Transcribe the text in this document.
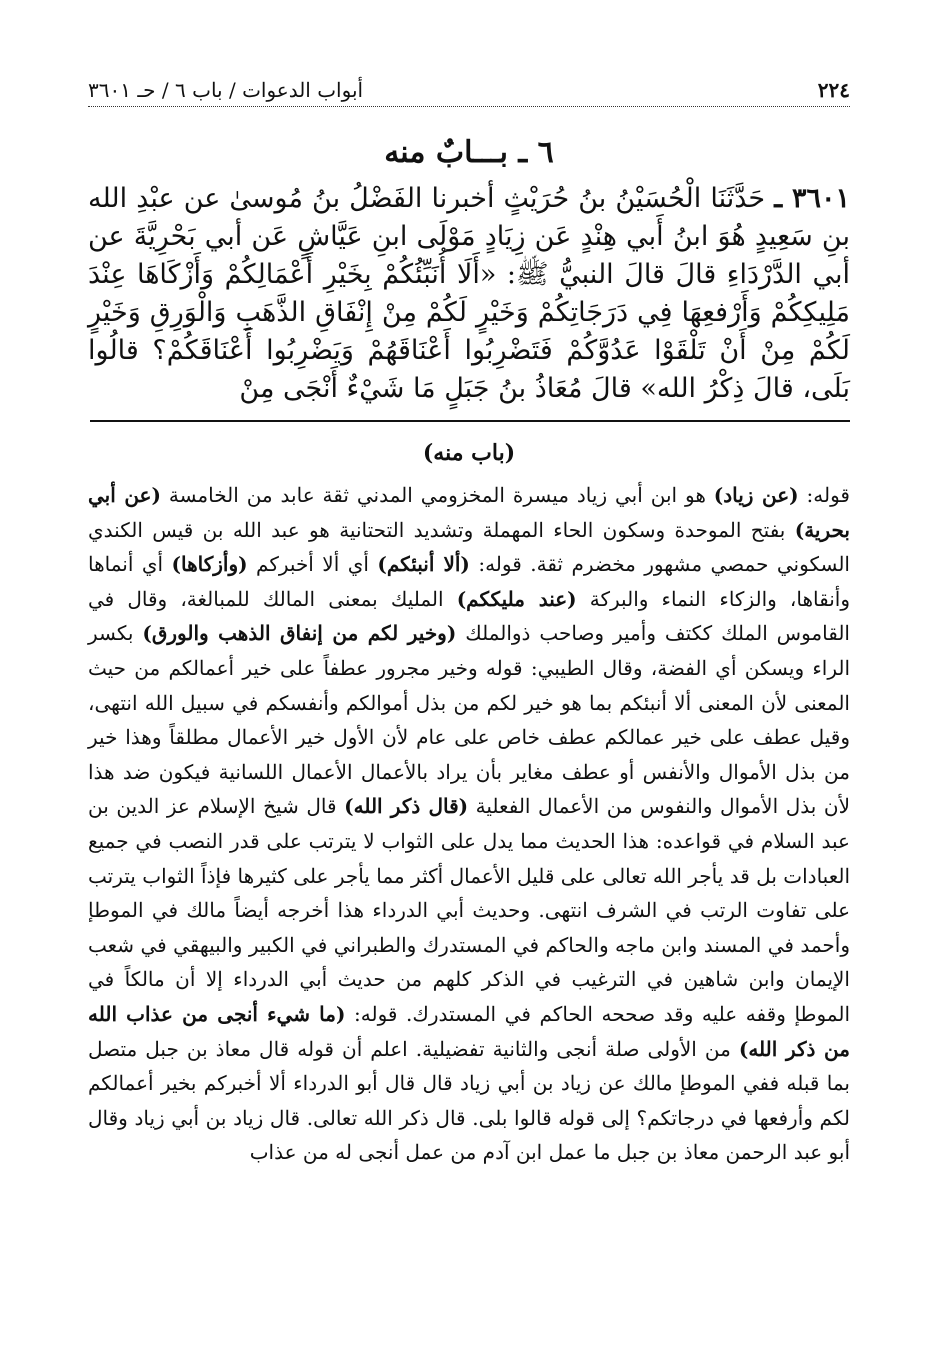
٢٢٤
أبواب الدعوات / باب ٦ / حـ ٣٦٠١
٦ ـ بـــابٌ منه
٣٦٠١ ـ حَدَّثَنَا الْحُسَيْنُ بنُ حُرَيْثٍ أخبرنا الفَضْلُ بنُ مُوسىٰ عن عبْدِ الله بنِ سَعِيدٍ هُوَ ابنُ أَبي هِنْدٍ عَن زِيَادٍ مَوْلَى ابنِ عَيَّاشٍ عَن أبي بَحْرِيَّةَ عن أبي الدَّرْدَاءِ قالَ قالَ النبيُّ ﷺ: «أَلَا أُنَبِّئُكُمْ بِخَيْرِ أَعْمَالِكُمْ وَأَزْكَاهَا عِنْدَ مَلِيكِكُمْ وَأَرْفعِهَا فِي دَرَجَاتِكُمْ وَخَيْرٍ لَكُمْ مِنْ إِنْفَاقِ الذَّهَبِ وَالْوَرِقِ وَخَيْرٍ لَكُمْ مِنْ أَنْ تَلْقَوْا عَدُوَّكُمْ فَتَضْرِبُوا أَعْنَاقَهُمْ وَيَضْرِبُوا أَعْنَاقَكُمْ؟ قالُوا بَلَى، قالَ ذِكْرُ الله» قالَ مُعَاذُ بنُ جَبَلٍ مَا شَيْءٌ أَنْجَى مِنْ
(باب منه)

قوله: (عن زياد) هو ابن أبي زياد ميسرة المخزومي المدني ثقة عابد من الخامسة (عن أبي بحرية) بفتح الموحدة وسكون الحاء المهملة وتشديد التحتانية هو عبد الله بن قيس الكندي السكوني حمصي مشهور مخضرم ثقة. قوله: (ألا أنبئكم) أي ألا أخبركم (وأزكاها) أي أنماها وأنقاها، والزكاء النماء والبركة (عند مليككم) المليك بمعنى المالك للمبالغة، وقال في القاموس الملك ككتف وأمير وصاحب ذوالملك (وخير لكم من إنفاق الذهب والورق) بكسر الراء ويسكن أي الفضة، وقال الطيبي: قوله وخير مجرور عطفاً على خير أعمالكم من حيث المعنى لأن المعنى ألا أنبئكم بما هو خير لكم من بذل أموالكم وأنفسكم في سبيل الله انتهى، وقيل عطف على خير عمالكم عطف خاص على عام لأن الأول خير الأعمال مطلقاً وهذا خير من بذل الأموال والأنفس أو عطف مغاير بأن يراد بالأعمال الأعمال اللسانية فيكون ضد هذا لأن بذل الأموال والنفوس من الأعمال الفعلية (قال ذكر الله) قال شيخ الإسلام عز الدين بن عبد السلام في قواعده: هذا الحديث مما يدل على الثواب لا يترتب على قدر النصب في جميع العبادات بل قد يأجر الله تعالى على قليل الأعمال أكثر مما يأجر على كثيرها فإذاً الثواب يترتب على تفاوت الرتب في الشرف انتهى. وحديث أبي الدرداء هذا أخرجه أيضاً مالك في الموطإ وأحمد في المسند وابن ماجه والحاكم في المستدرك والطبراني في الكبير والبيهقي في شعب الإيمان وابن شاهين في الترغيب في الذكر كلهم من حديث أبي الدرداء إلا أن مالكاً في الموطإ وقفه عليه وقد صححه الحاكم في المستدرك. قوله: (ما شيء أنجى من عذاب الله من ذكر الله) من الأولى صلة أنجى والثانية تفضيلية. اعلم أن قوله قال معاذ بن جبل متصل بما قبله ففي الموطإ مالك عن زياد بن أبي زياد قال قال أبو الدرداء ألا أخبركم بخير أعمالكم لكم وأرفعها في درجاتكم؟ إلى قوله قالوا بلى. قال ذكر الله تعالى. قال زياد بن أبي زياد وقال أبو عبد الرحمن معاذ بن جبل ما عمل ابن آدم من عمل أنجى له من عذاب
